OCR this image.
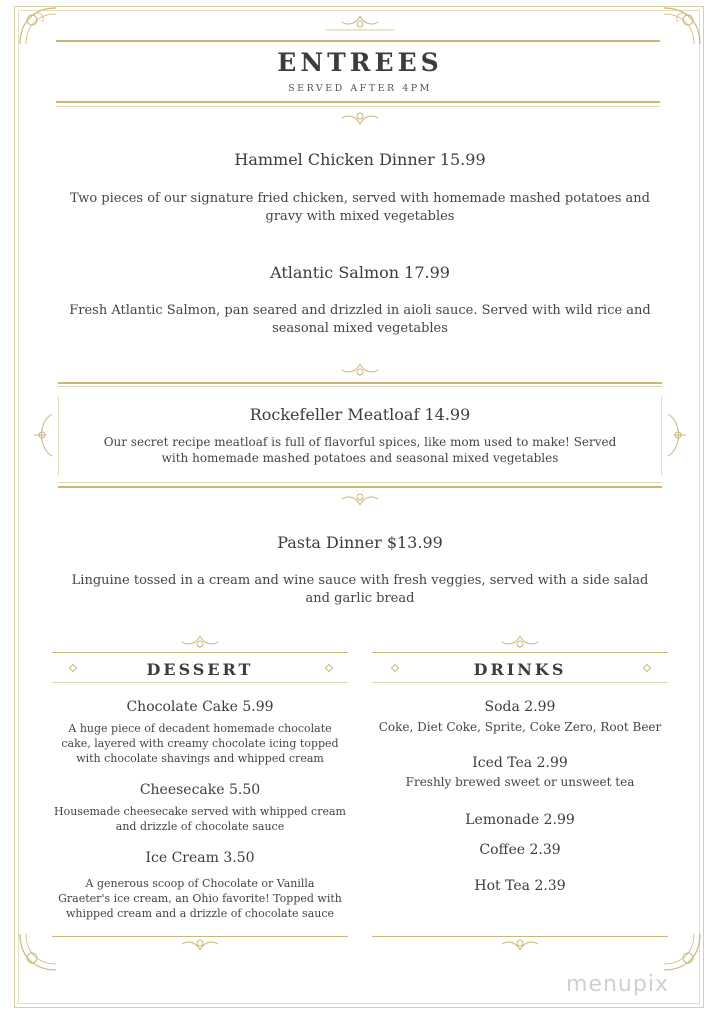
ENTREES
SERVED AFTER 4PM
Hammel Chicken Dinner 15.99
Two pieces of our signature fried chicken, served with homemade mashed potatoes and gravy with mixed vegetables
Atlantic Salmon 17.99
Fresh Atlantic Salmon, pan seared and drizzled in aioli sauce. Served with wild rice and seasonal mixed vegetables
Rockefeller Meatloaf 14.99
Our secret recipe meatloaf is full of flavorful spices, like mom used to make! Served with homemade mashed potatoes and seasonal mixed vegetables
Pasta Dinner $13.99
Linguine tossed in a cream and wine sauce with fresh veggies, served with a side salad and garlic bread
DESSERT	DRINKS
Chocolate Cake 5.99
A huge piece of decadent homemade chocolate cake, layered with creamy chocolate icing topped with chocolate shavings and whipped cream
Cheesecake 5.50
Housemade cheesecake served with whipped cream and drizzle of chocolate sauce
Ice Cream 3.50
A generous scoop of Chocolate or Vanilla Graeter's ice cream, an Ohio favorite! Topped with whipped cream and a drizzle of chocolate sauce
Soda 2.99
Coke, Diet Coke, Sprite, Coke Zero, Root Beer
Iced Tea 2.99
Freshly brewed sweet or unsweet tea
Lemonade 2.99
Coffee 2.39
Hot Tea 2.39
menupix
